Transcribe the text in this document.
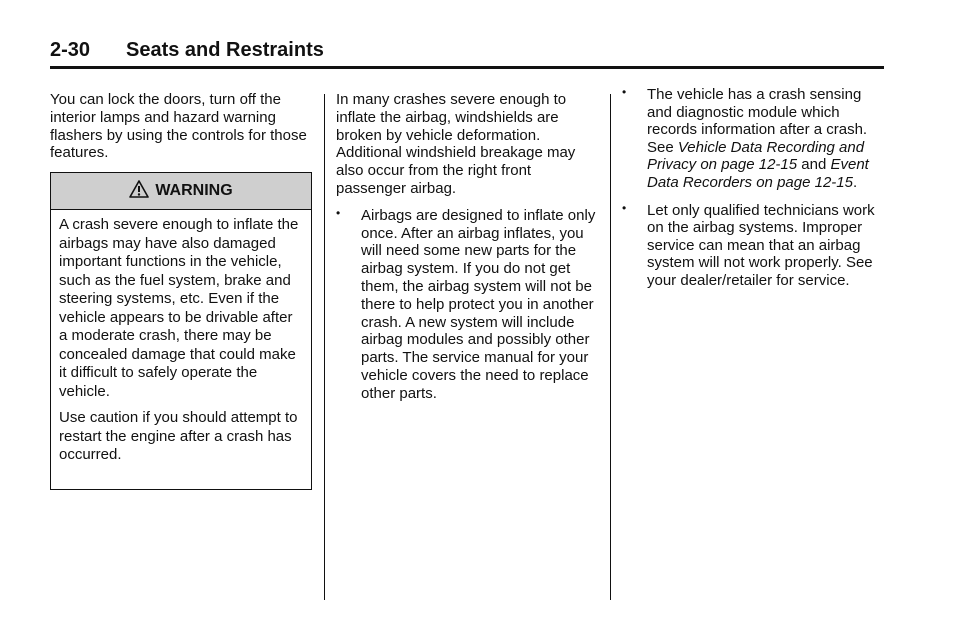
2-30 Seats and Restraints

You can lock the doors, turn off the interior lamps and hazard warning flashers by using the controls for those features.

WARNING

A crash severe enough to inflate the airbags may have also damaged important functions in the vehicle, such as the fuel system, brake and steering systems, etc. Even if the vehicle appears to be drivable after a moderate crash, there may be concealed damage that could make it difficult to safely operate the vehicle.

Use caution if you should attempt to restart the engine after a crash has occurred.

In many crashes severe enough to inflate the airbag, windshields are broken by vehicle deformation. Additional windshield breakage may also occur from the right front passenger airbag.

• Airbags are designed to inflate only once. After an airbag inflates, you will need some new parts for the airbag system. If you do not get them, the airbag system will not be there to help protect you in another crash. A new system will include airbag modules and possibly other parts. The service manual for your vehicle covers the need to replace other parts.
• The vehicle has a crash sensing and diagnostic module which records information after a crash. See Vehicle Data Recording and Privacy on page 12-15 and Event Data Recorders on page 12-15.
• Let only qualified technicians work on the airbag systems. Improper service can mean that an airbag system will not work properly. See your dealer/retailer for service.
